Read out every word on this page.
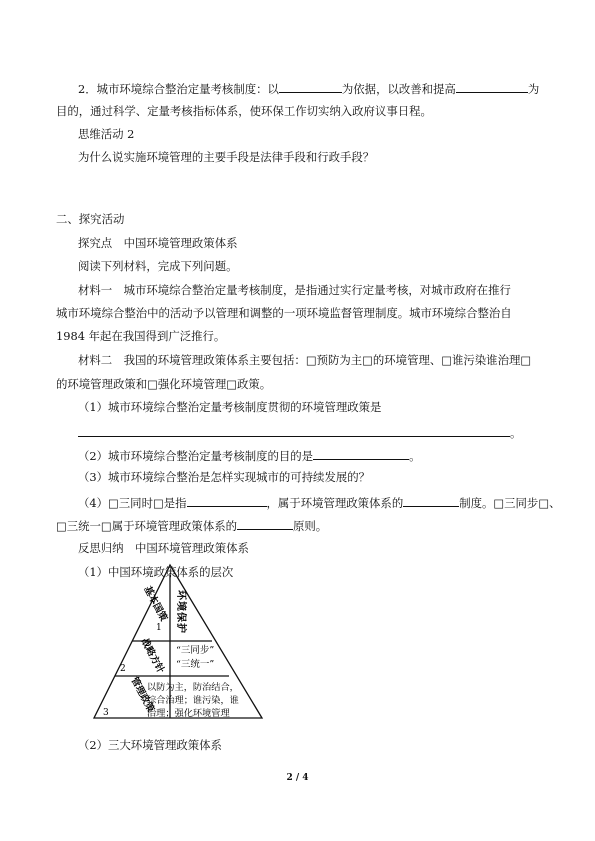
2．城市环境综合整治定量考核制度：以	为依据，以改善和提高	为
目的，通过科学、定量考核指标体系，使环保工作切实纳入政府议事日程。
思维活动 2
为什么说实施环境管理的主要手段是法律手段和行政手段？
二、探究活动
探究点　中国环境管理政策体系
阅读下列材料，完成下列问题。
材料一　城市环境综合整治定量考核制度，是指通过实行定量考核，对城市政府在推行
城市环境综合整治中的活动予以管理和调整的一项环境监督管理制度。城市环境综合整治自
1984 年起在我国得到广泛推行。
材料二　我国的环境管理政策体系主要包括：□预防为主□的环境管理、□谁污染谁治理□
的环境管理政策和□强化环境管理□政策。
（1）城市环境综合整治定量考核制度贯彻的环境管理政策是
。
（2）城市环境综合整治定量考核制度的目的是	。
（3）城市环境综合整治是怎样实现城市的可持续发展的？
（4）□三同时□是指	，属于环境管理政策体系的	制度。□三同步□、
□三统一□属于环境管理政策体系的	原则。
反思归纳　中国环境管理政策体系
（1）中国环境政策体系的层次
基本国策
1 环境保护
战略方针
2
“三同步”
“三统一”
管理政策
3
以防为主，防治结合，
综合治理；谁污染，谁
治理；强化环境管理
（2）三大环境管理政策体系
2 / 4
